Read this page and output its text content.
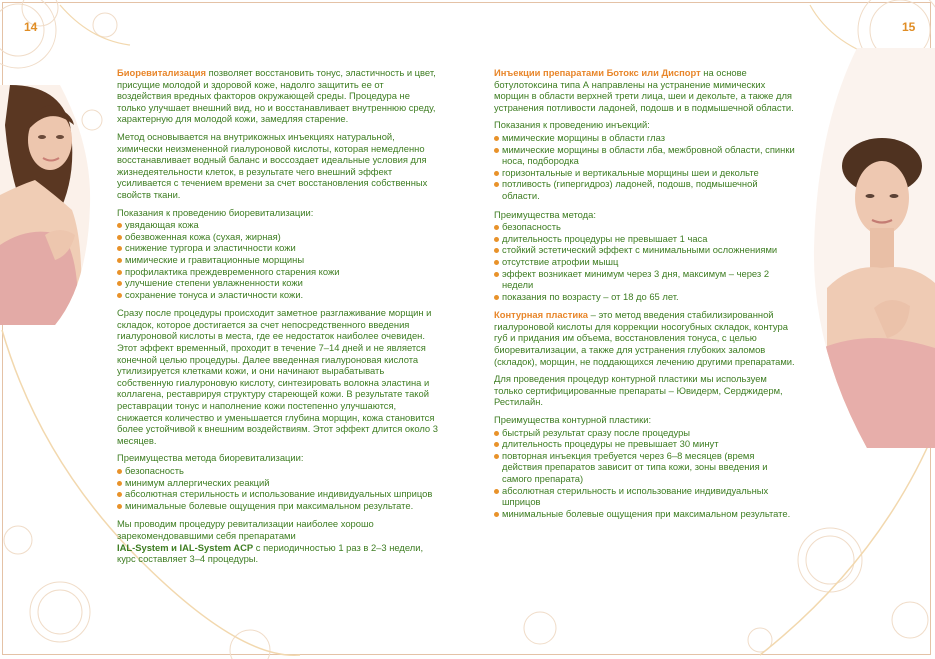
14	15

Биоревитализация позволяет восстановить тонус, эластичность и цвет, присущие молодой и здоровой коже, надолго защитить ее от воздействия вредных факторов окружающей среды. Процедура не только улучшает внешний вид, но и восстанавливает внутреннюю среду, характерную для молодой кожи, замедляя старение.

Метод основывается на внутрикожных инъекциях натуральной, химически неизмененной гиалуроновой кислоты, которая немедленно восстанавливает водный баланс и воссоздает идеальные условия для жизнедеятельности клеток, в результате чего внешний эффект усиливается с течением времени за счет восстановления собственных свойств ткани.

Показания к проведению биоревитализации:

увядающая кожа
обезвоженная кожа (сухая, жирная)
снижение тургора и эластичности кожи
мимические и гравитационные морщины
профилактика преждевременного старения кожи
улучшение степени увлажненности кожи
сохранение тонуса и эластичности кожи.

Сразу после процедуры происходит заметное разглаживание морщин и складок, которое достигается за счет непосредственного введения гиалуроновой кислоты в места, где ее недостаток наиболее очевиден. Этот эффект временный, проходит в течение 7–14 дней и не является конечной целью процедуры. Далее введенная гиалуроновая кислота утилизируется клетками кожи, и они начинают вырабатывать собственную гиалуроновую кислоту, синтезировать волокна эластина и коллагена, реставрируя структуру стареющей кожи. В результате такой реставрации тонус и наполнение кожи постепенно улучшаются, снижается количество и уменьшается глубина морщин, кожа становится более устойчивой к внешним воздействиям. Этот эффект длится около 3 месяцев.

Преимущества метода биоревитализации:

безопасность
минимум аллергических реакций
абсолютная стерильность и использование индивидуальных шприцов
минимальные болевые ощущения при максимальном результате.

Мы проводим процедуру ревитализации наиболее хорошо зарекомендовавшими себя препаратами
IAL-System и IAL-System ACP с периодичностью 1 раз в 2–3 недели, курс составляет 3–4 процедуры.

Инъекции препаратами Ботокс или Диспорт на основе ботулотоксина типа А направлены на устранение мимических морщин в области верхней трети лица, шеи и декольте, а также для устранения потливости ладоней, подошв и в подмышечной области.

Показания к проведению инъекций:

мимические морщины в области глаз
мимические морщины в области лба, межбровной области, спинки носа, подбородка
горизонтальные и вертикальные морщины шеи и декольте
потливость (гипергидроз) ладоней, подошв, подмышечной области.

Преимущества метода:

безопасность
длительность процедуры не превышает 1 часа
стойкий эстетический эффект с минимальными осложнениями
отсутствие атрофии мышц
эффект возникает минимум через 3 дня, максимум – через 2 недели
показания по возрасту – от 18 до 65 лет.

Контурная пластика – это метод введения стабилизированной гиалуроновой кислоты для коррекции носогубных складок, контура губ и придания им объема, восстановления тонуса, с целью биоревитализации, а также для устранения глубоких заломов (складок), морщин, не поддающихся лечению другими препаратами.

Для проведения процедур контурной пластики мы используем только сертифицированные препараты – Ювидерм, Серджидерм, Рестилайн.

Преимущества контурной пластики:

быстрый результат сразу после процедуры
длительность процедуры не превышает 30 минут
повторная инъекция требуется через 6–8 месяцев (время действия препаратов зависит от типа кожи, зоны введения и самого препарата)
абсолютная стерильность и использование индивидуальных шприцов
минимальные болевые ощущения при максимальном результате.
